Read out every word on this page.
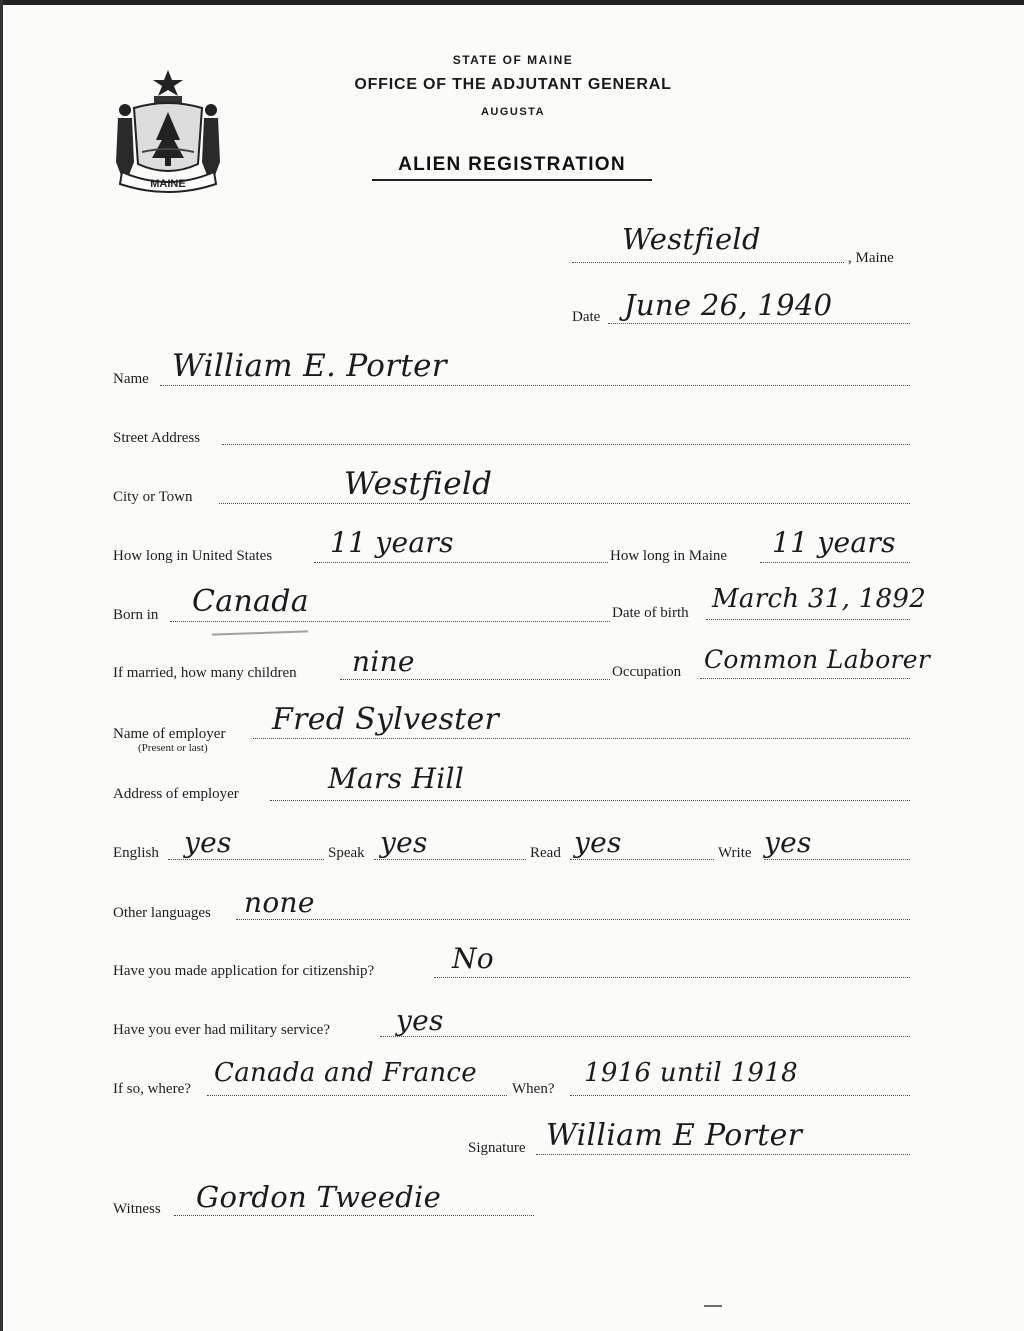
MAINE
STATE OF MAINE
OFFICE OF THE ADJUTANT GENERAL
AUGUSTA
ALIEN REGISTRATION
Westfield
, Maine
Date June 26, 1940
Name William E. Porter
Street Address
City or Town	Westfield
How long in United States 11 years	How long in Maine 11 years
Born in Canada	Date of birth March 31, 1892
If married, how many children nine	Occupation Common Laborer
Name of employer
(Present or last)
Fred Sylvester
Address of employer	Mars Hill
English yes	Speak yes	Read yes	Write yes
Other languages none
Have you made application for citizenship?	No
Have you ever had military service? yes
If so, where?
Canada and France
When?
1916 until 1918
Signature William E Porter
Witness Gordon Tweedie
